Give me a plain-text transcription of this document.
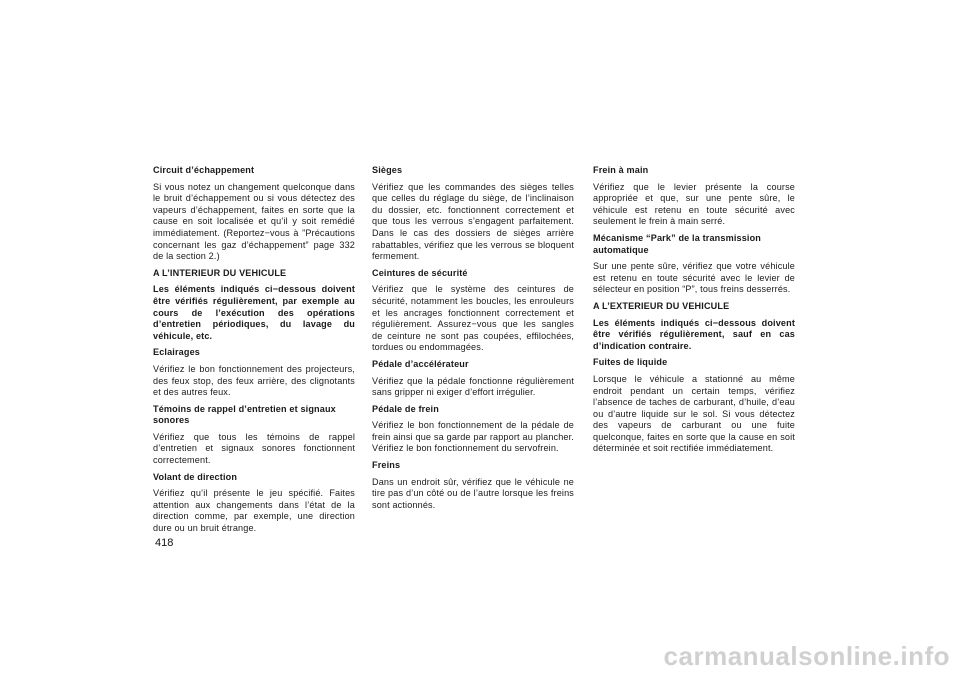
Circuit d’échappement

Si vous notez un changement quelconque dans le bruit d’échappement ou si vous détectez des vapeurs d’échappement, faites en sorte que la cause en soit localisée et qu’il y soit remédié immédiatement. (Reportez−vous à ”Précautions concernant les gaz d’échappement” page 332 de la section 2.)

A L’INTERIEUR DU VEHICULE

Les éléments indiqués ci−dessous doivent être vérifiés régulièrement, par exemple au cours de l’exécution des opérations d’entretien périodiques, du lavage du véhicule, etc.

Eclairages

Vérifiez le bon fonctionnement des projecteurs, des feux stop, des feux arrière, des clignotants et des autres feux.

Témoins de rappel d’entretien et signaux sonores

Vérifiez que tous les témoins de rappel d’entretien et signaux sonores fonctionnent correctement.

Volant de direction

Vérifiez qu’il présente le jeu spécifié. Faites attention aux changements dans l’état de la direction comme, par exemple, une direction dure ou un bruit étrange.

Sièges

Vérifiez que les commandes des sièges telles que celles du réglage du siège, de l’inclinaison du dossier, etc. fonctionnent correctement et que tous les verrous s’engagent parfaitement. Dans le cas des dossiers de sièges arrière rabattables, vérifiez que les verrous se bloquent fermement.

Ceintures de sécurité

Vérifiez que le système des ceintures de sécurité, notamment les boucles, les enrouleurs et les ancrages fonctionnent correctement et régulièrement. Assurez−vous que les sangles de ceinture ne sont pas coupées, effilochées, tordues ou endommagées.

Pédale d’accélérateur

Vérifiez que la pédale fonctionne régulièrement sans gripper ni exiger d’effort irrégulier.

Pédale de frein

Vérifiez le bon fonctionnement de la pédale de frein ainsi que sa garde par rapport au plancher. Vérifiez le bon fonctionnement du servofrein.

Freins

Dans un endroit sûr, vérifiez que le véhicule ne tire pas d’un côté ou de l’autre lorsque les freins sont actionnés.

Frein à main

Vérifiez que le levier présente la course appropriée et que, sur une pente sûre, le véhicule est retenu en toute sécurité avec seulement le frein à main serré.

Mécanisme “Park” de la transmission automatique

Sur une pente sûre, vérifiez que votre véhicule est retenu en toute sécurité avec le levier de sélecteur en position “P”, tous freins desserrés.

A L’EXTERIEUR DU VEHICULE

Les éléments indiqués ci−dessous doivent être vérifiés régulièrement, sauf en cas d’indication contraire.

Fuites de liquide

Lorsque le véhicule a stationné au même endroit pendant un certain temps, vérifiez l’absence de taches de carburant, d’huile, d’eau ou d’autre liquide sur le sol. Si vous détectez des vapeurs de carburant ou une fuite quelconque, faites en sorte que la cause en soit déterminée et soit rectifiée immédiatement.

418
carmanualsonline.info
